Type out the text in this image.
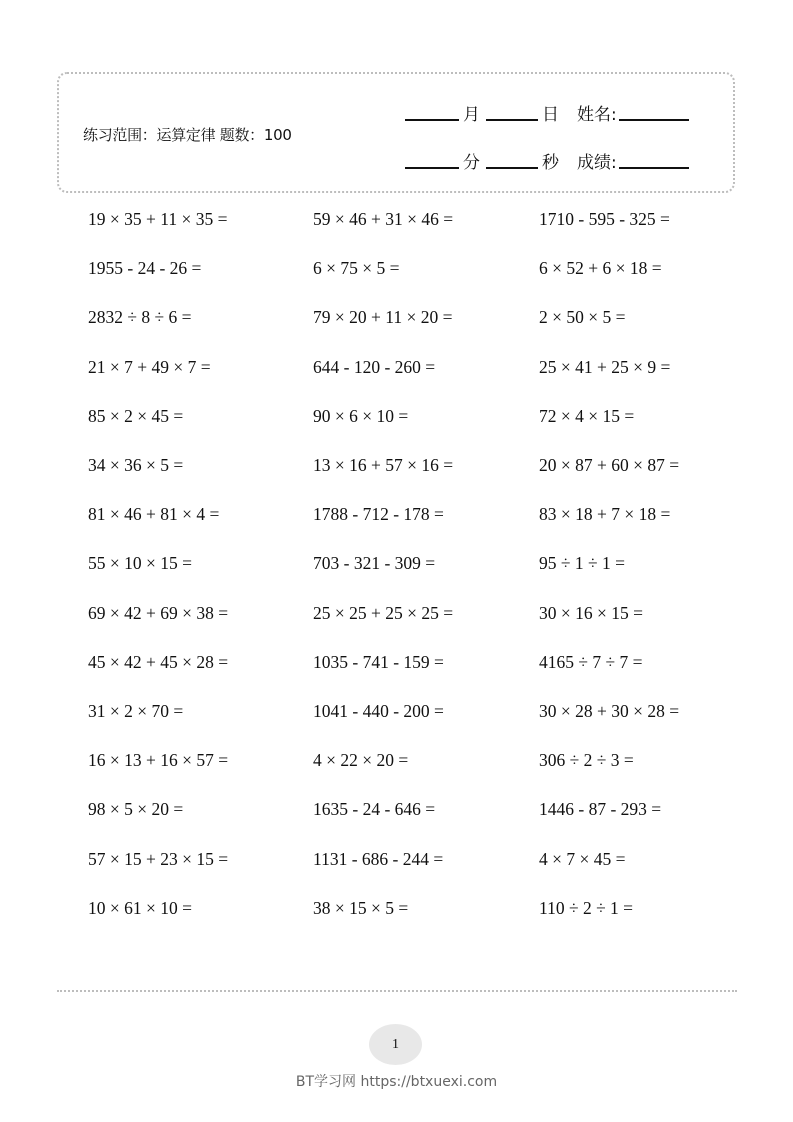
练习范围：运算定律 题数：100
月	日 姓名:
分	秒 成绩:
19 × 35 + 11 × 35 =	59 × 46 + 31 × 46 =	1710 - 595 - 325 =
1955 - 24 - 26 =	6 × 75 × 5 =	6 × 52 + 6 × 18 =
2832 ÷ 8 ÷ 6 =	79 × 20 + 11 × 20 =	2 × 50 × 5 =
21 × 7 + 49 × 7 =	644 - 120 - 260 =	25 × 41 + 25 × 9 =
85 × 2 × 45 =	90 × 6 × 10 =	72 × 4 × 15 =
34 × 36 × 5 =	13 × 16 + 57 × 16 =	20 × 87 + 60 × 87 =
81 × 46 + 81 × 4 =	1788 - 712 - 178 =	83 × 18 + 7 × 18 =
55 × 10 × 15 =	703 - 321 - 309 =	95 ÷ 1 ÷ 1 =
69 × 42 + 69 × 38 =	25 × 25 + 25 × 25 =	30 × 16 × 15 =
45 × 42 + 45 × 28 =	1035 - 741 - 159 =	4165 ÷ 7 ÷ 7 =
31 × 2 × 70 =	1041 - 440 - 200 =	30 × 28 + 30 × 28 =
16 × 13 + 16 × 57 =	4 × 22 × 20 =	306 ÷ 2 ÷ 3 =
98 × 5 × 20 =	1635 - 24 - 646 =	1446 - 87 - 293 =
57 × 15 + 23 × 15 =	1131 - 686 - 244 =	4 × 7 × 45 =
10 × 61 × 10 =	38 × 15 × 5 =	110 ÷ 2 ÷ 1 =
1
BT学习网 https://btxuexi.com
